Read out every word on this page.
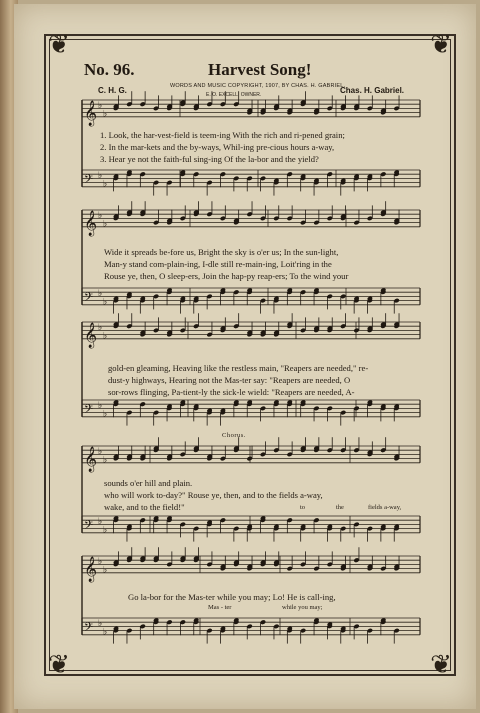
❦	❦
❦	❦
No. 96.	Harvest Song!
WORDS AND MUSIC COPYRIGHT, 1907, BY CHAS. H. GABRIEL.
E. O. EXCELL, OWNER.
C. H. G.	Chas. H. Gabriel.
𝄞 ♭
♭
𝄢 ♭
♭
𝄞 ♭
♭
𝄢 ♭
♭
𝄞 ♭
♭
𝄢 ♭
♭
𝄞 ♭
♭
𝄢 ♭
♭
𝄞 ♭
♭
𝄢 ♭
♭
1. Look, the har-vest-field is teem-ing With the rich and ri-pened grain;
2. In the mar-kets and the by-ways, Whil-ing pre-cious hours a-way,
3. Hear ye not the faith-ful sing-ing Of the la-bor and the yield?
Wide it spreads be-fore us, Bright the sky is o'er us; In the sun-light,
Man-y stand com-plain-ing, I-dle still re-main-ing, Loit'ring in the
Rouse ye, then, O sleep-ers, Join the hap-py reap-ers; To the wind your
gold-en gleaming, Heaving like the restless main, "Reapers are needed," re-
dust-y highways, Hearing not the Mas-ter say: "Reapers are needed, O
sor-rows flinging, Pa-tient-ly the sick-le wield: "Reapers are needed, A-
Chorus.
sounds o'er hill and plain.
who will work to-day?" Rouse ye, then, and to the fields a-way,
wake, and to the field!"	to	the	fields a-way,
Go la-bor for the Mas-ter while you may; Lo! He is call-ing,
Mas - ter	while you may;
